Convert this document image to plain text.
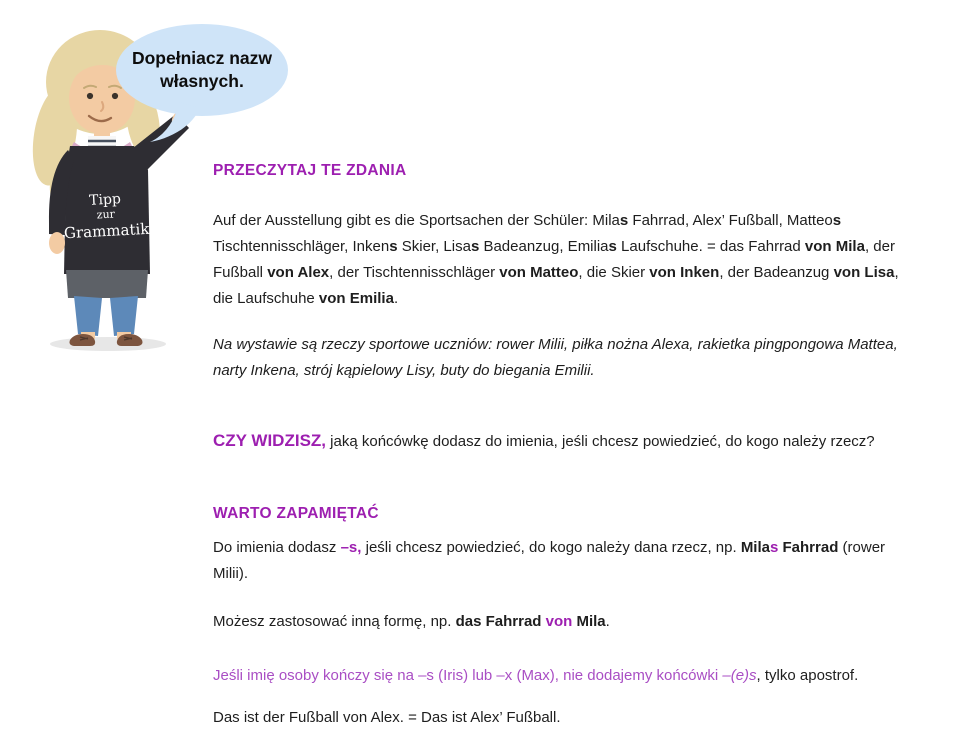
Tipp
zur
Grammatik
Dopełniacz nazw własnych.
PRZECZYTAJ TE ZDANIA

Auf der Ausstellung gibt es die Sportsachen der Schüler: Milas Fahrrad, Alex’ Fußball, Matteos Tischtennisschläger, Inkens Skier, Lisas Badeanzug, Emilias Laufschuhe. = das Fahrrad von Mila, der Fußball von Alex, der Tischtennisschläger von Matteo, die Skier von Inken, der Badeanzug von Lisa, die Laufschuhe von Emilia.

Na wystawie są rzeczy sportowe uczniów: rower Milii, piłka nożna Alexa, rakietka pingpongowa Mattea, narty Inkena, strój kąpielowy Lisy, buty do biegania Emilii.

CZY WIDZISZ, jaką końcówkę dodasz do imienia, jeśli chcesz powiedzieć, do kogo należy rzecz?

WARTO ZAPAMIĘTAĆ

Do imienia dodasz –s, jeśli chcesz powiedzieć, do kogo należy dana rzecz, np. Milas Fahrrad (rower Milii).

Możesz zastosować inną formę, np. das Fahrrad von Mila.

Jeśli imię osoby kończy się na –s (Iris) lub –x (Max), nie dodajemy końcówki –(e)s, tylko apostrof.

Das ist der Fußball von Alex. = Das ist Alex’ Fußball.
